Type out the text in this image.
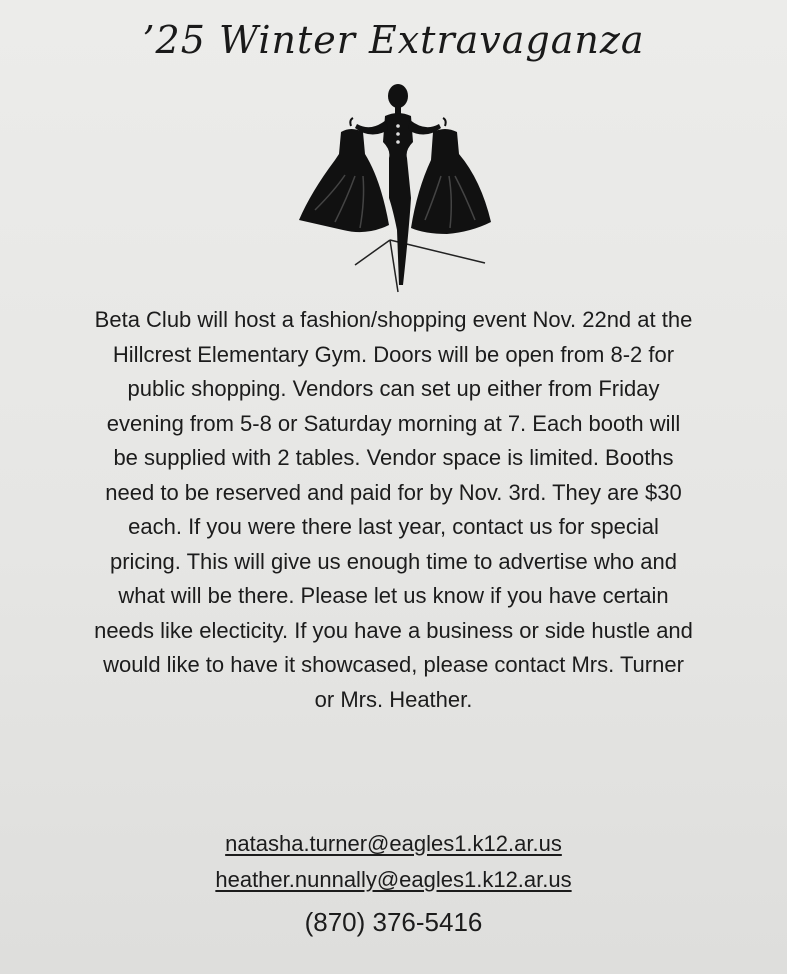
’25 Winter Extravaganza
Beta Club will host a fashion/shopping event Nov. 22nd at the
Hillcrest Elementary Gym. Doors will be open from 8-2 for
public shopping. Vendors can set up either from Friday
evening from 5-8 or Saturday morning at 7. Each booth will
be supplied with 2 tables. Vendor space is limited. Booths
need to be reserved and paid for by Nov. 3rd. They are $30
each. If you were there last year, contact us for special
pricing. This will give us enough time to advertise who and
what will be there. Please let us know if you have certain
needs like electicity. If you have a business or side hustle and
would like to have it showcased, please contact Mrs. Turner
or Mrs. Heather.
natasha.turner@eagles1.k12.ar.us
heather.nunnally@eagles1.k12.ar.us
(870) 376-5416
